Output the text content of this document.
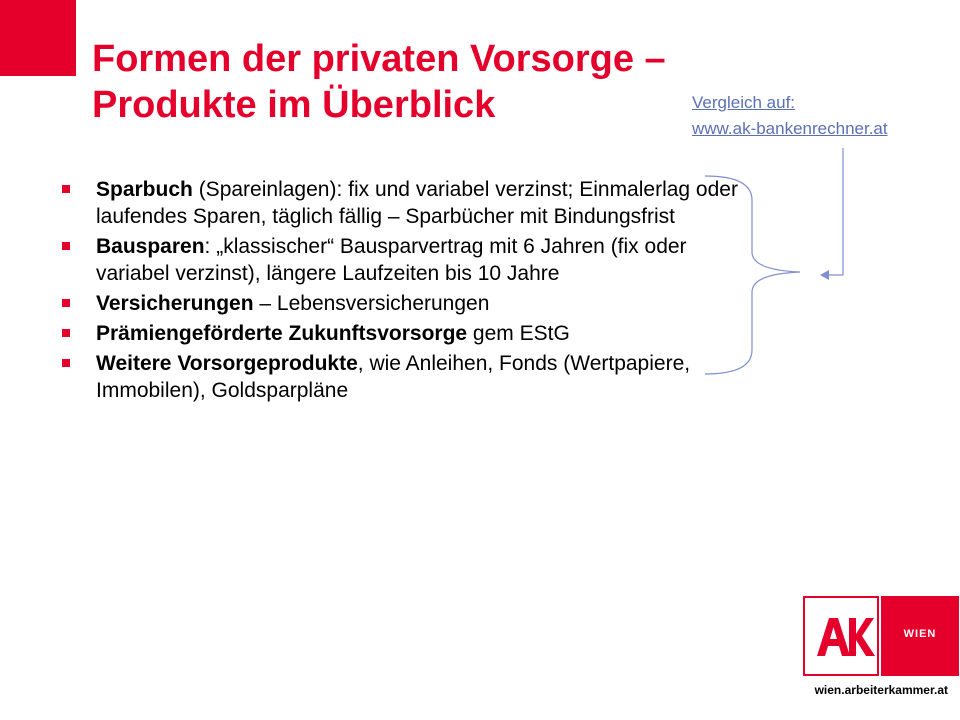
Formen der privaten Vorsorge –
Produkte im Überblick	Vergleich auf:
www.ak-bankenrechner.at
Sparbuch (Spareinlagen): fix und variabel verzinst; Einmalerlag oder laufendes Sparen, täglich fällig – Sparbücher mit Bindungsfrist
Bausparen: „klassischer“ Bausparvertrag mit 6 Jahren (fix oder variabel verzinst), längere Laufzeiten bis 10 Jahre
Versicherungen – Lebensversicherungen
Prämiengeförderte Zukunftsvorsorge gem EStG
Weitere Vorsorgeprodukte, wie Anleihen, Fonds (Wertpapiere, Immobilen), Goldsparpläne
WIEN
wien.arbeiterkammer.at
